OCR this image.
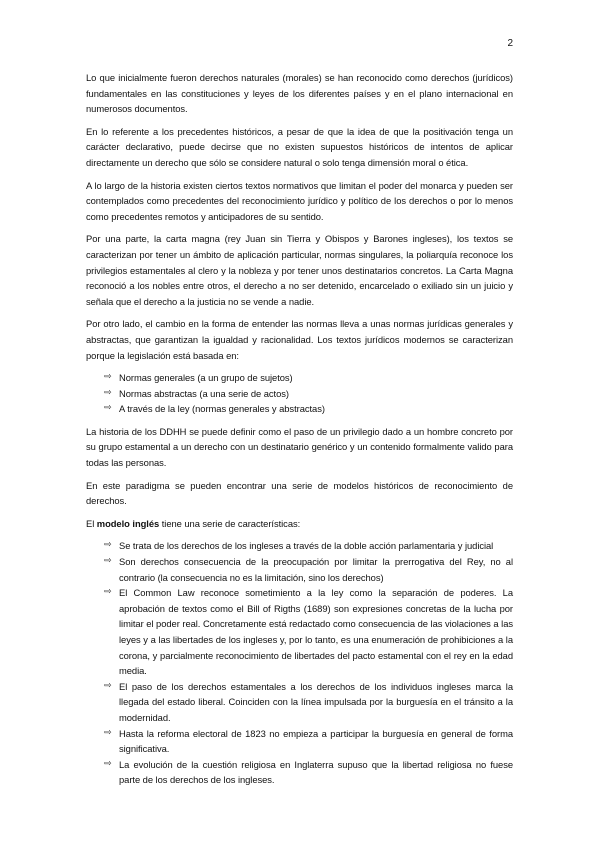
2

Lo que inicialmente fueron derechos naturales (morales) se han reconocido como derechos (jurídicos) fundamentales en las constituciones y leyes de los diferentes países y en el plano internacional en numerosos documentos.

En lo referente a los precedentes históricos, a pesar de que la idea de que la positivación tenga un carácter declarativo, puede decirse que no existen supuestos históricos de intentos de aplicar directamente un derecho que sólo se considere natural o solo tenga dimensión moral o ética.

A lo largo de la historia existen ciertos textos normativos que limitan el poder del monarca y pueden ser contemplados como precedentes del reconocimiento jurídico y político de los derechos o por lo menos como precedentes remotos y anticipadores de su sentido.

Por una parte, la carta magna (rey Juan sin Tierra y Obispos y Barones ingleses), los textos se caracterizan por tener un ámbito de aplicación particular, normas singulares, la poliarquía reconoce los privilegios estamentales al clero y la nobleza y por tener unos destinatarios concretos. La Carta Magna reconoció a los nobles entre otros, el derecho a no ser detenido, encarcelado o exiliado sin un juicio y señala que el derecho a la justicia no se vende a nadie.

Por otro lado, el cambio en la forma de entender las normas lleva a unas normas jurídicas generales y abstractas, que garantizan la igualdad y racionalidad. Los textos jurídicos modernos se caracterizan porque la legislación está basada en:

⇨ Normas generales (a un grupo de sujetos)
⇨ Normas abstractas (a una serie de actos)
⇨ A través de la ley (normas generales y abstractas)

La historia de los DDHH se puede definir como el paso de un privilegio dado a un hombre concreto por su grupo estamental a un derecho con un destinatario genérico y un contenido formalmente valido para todas las personas.

En este paradigma se pueden encontrar una serie de modelos históricos de reconocimiento de derechos.

El modelo inglés tiene una serie de características:

⇨ Se trata de los derechos de los ingleses a través de la doble acción parlamentaria y judicial
⇨ Son derechos consecuencia de la preocupación por limitar la prerrogativa del Rey, no al contrario (la consecuencia no es la limitación, sino los derechos)
⇨ El Common Law reconoce sometimiento a la ley como la separación de poderes. La aprobación de textos como el Bill of Rigths (1689) son expresiones concretas de la lucha por limitar el poder real. Concretamente está redactado como consecuencia de las violaciones a las leyes y a las libertades de los ingleses y, por lo tanto, es una enumeración de prohibiciones a la corona, y parcialmente reconocimiento de libertades del pacto estamental con el rey en la edad media.
⇨ El paso de los derechos estamentales a los derechos de los individuos ingleses marca la llegada del estado liberal. Coinciden con la línea impulsada por la burguesía en el tránsito a la modernidad.
⇨ Hasta la reforma electoral de 1823 no empieza a participar la burguesía en general de forma significativa.
⇨ La evolución de la cuestión religiosa en Inglaterra supuso que la libertad religiosa no fuese parte de los derechos de los ingleses.
